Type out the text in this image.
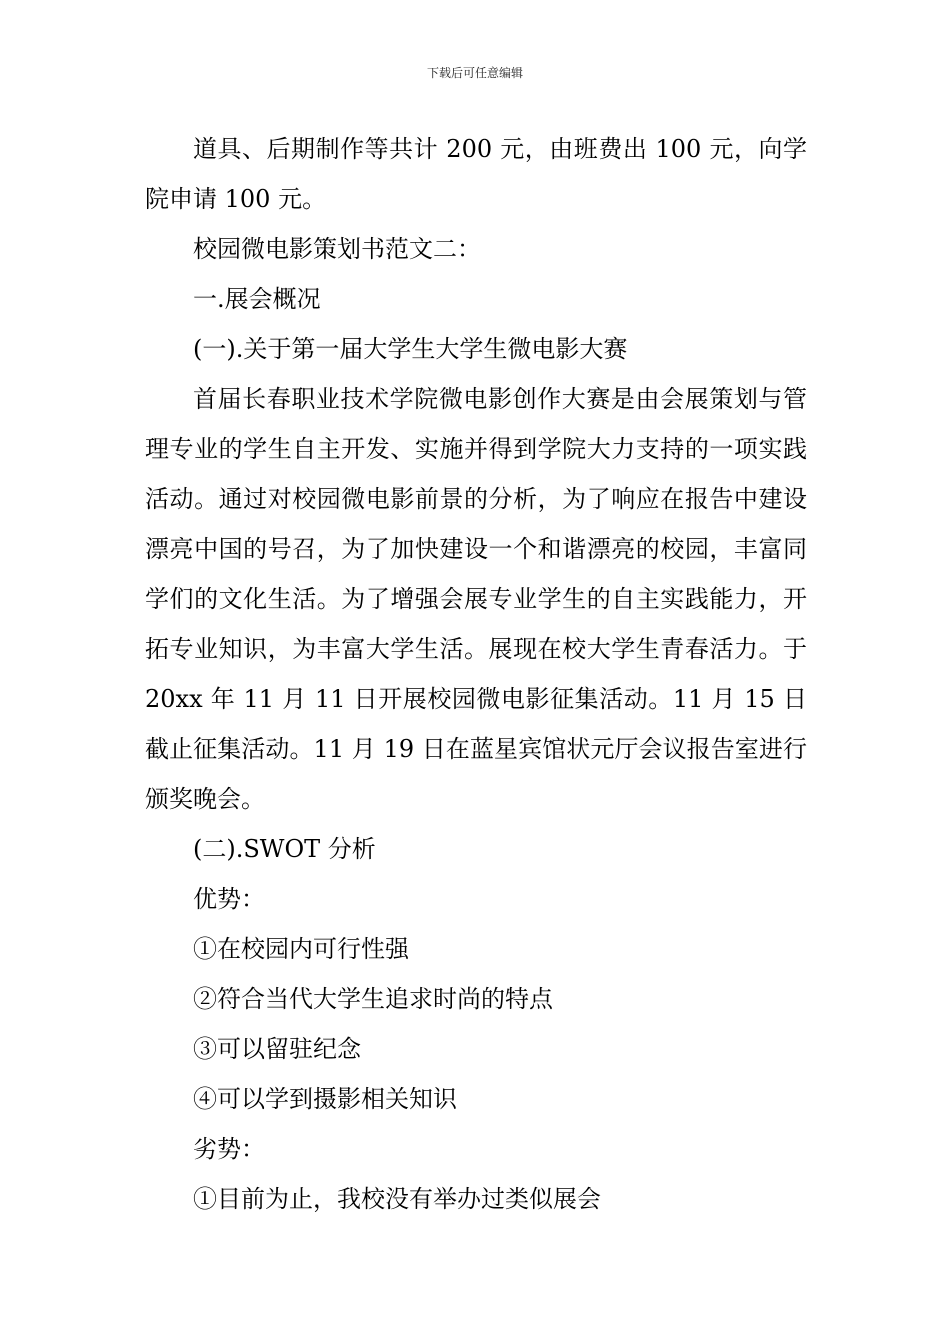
下载后可任意编辑

道具、后期制作等共计 200 元，由班费出 100 元，向学院申请 100 元。

校园微电影策划书范文二：

一.展会概况

(一).关于第一届大学生大学生微电影大赛

首届长春职业技术学院微电影创作大赛是由会展策划与管理专业的学生自主开发、实施并得到学院大力支持的一项实践活动。通过对校园微电影前景的分析，为了响应在报告中建设漂亮中国的号召，为了加快建设一个和谐漂亮的校园，丰富同学们的文化生活。为了增强会展专业学生的自主实践能力，开拓专业知识，为丰富大学生活。展现在校大学生青春活力。于 20xx 年 11 月 11 日开展校园微电影征集活动。11 月 15 日截止征集活动。11 月 19 日在蓝星宾馆状元厅会议报告室进行颁奖晚会。

(二).SWOT 分析

优势：

①在校园内可行性强

②符合当代大学生追求时尚的特点

③可以留驻纪念

④可以学到摄影相关知识

劣势：

①目前为止，我校没有举办过类似展会
